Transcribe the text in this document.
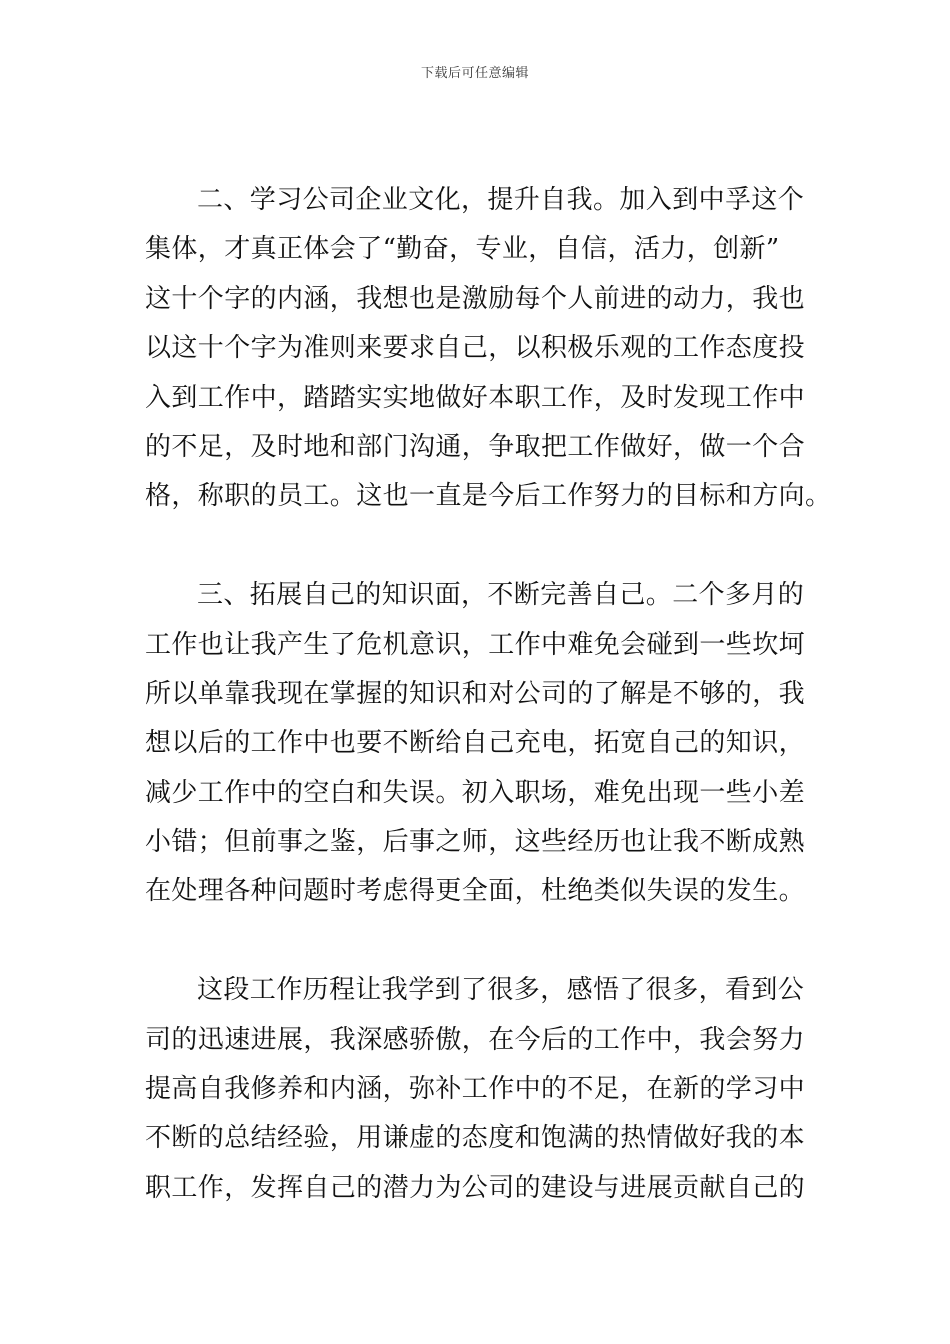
下载后可任意编辑
二、学习公司企业文化，提升自我。加入到中孚这个
集体，才真正体会了“勤奋，专业，自信，活力，创新”
这十个字的内涵，我想也是激励每个人前进的动力，我也
以这十个字为准则来要求自己，以积极乐观的工作态度投
入到工作中，踏踏实实地做好本职工作，及时发现工作中
的不足，及时地和部门沟通，争取把工作做好，做一个合
格，称职的员工。这也一直是今后工作努力的目标和方向。
三、拓展自己的知识面，不断完善自己。二个多月的
工作也让我产生了危机意识，工作中难免会碰到一些坎坷
所以单靠我现在掌握的知识和对公司的了解是不够的，我
想以后的工作中也要不断给自己充电，拓宽自己的知识，
减少工作中的空白和失误。初入职场，难免出现一些小差
小错；但前事之鉴，后事之师，这些经历也让我不断成熟
在处理各种问题时考虑得更全面，杜绝类似失误的发生。
这段工作历程让我学到了很多，感悟了很多，看到公
司的迅速进展，我深感骄傲，在今后的工作中，我会努力
提高自我修养和内涵，弥补工作中的不足，在新的学习中
不断的总结经验，用谦虚的态度和饱满的热情做好我的本
职工作，发挥自己的潜力为公司的建设与进展贡献自己的
